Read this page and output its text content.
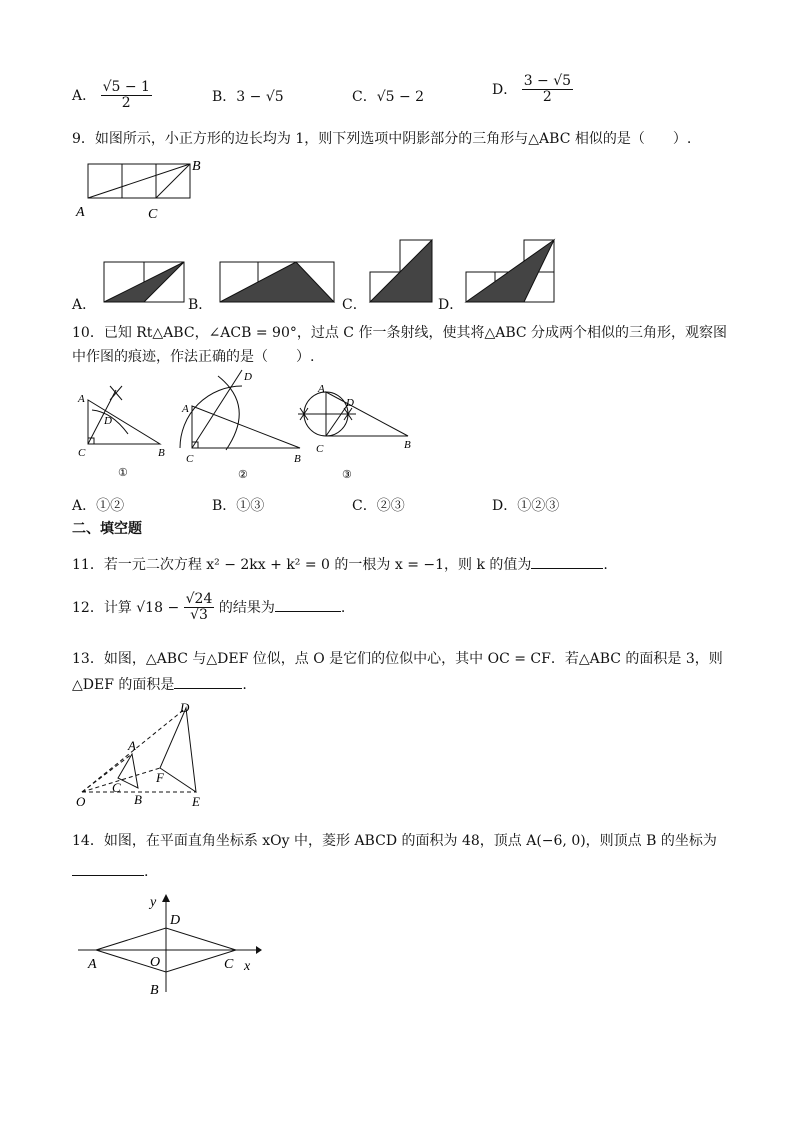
A． $\frac{√5 - 1}{2}$	B．3 − √5	C．√5 − 2	D． $\frac{3 - √5}{2}$
9．如图所示，小正方形的边长均为 1，则下列选项中阴影部分的三角形与△ABC 相似的是（　　）.
A
B
C
A．	B．	C．	D．
10．已知 Rt△ABC，∠ACB = 90°，过点 C 作一条射线，使其将△ABC 分成两个相似的三角形，观察图
中作图的痕迹，作法正确的是（　　）.
A
D
C	B
①
A
D
C	B
②
A
D
C	B
③
A．①②	B．①③	C．②③	D．①②③
二、填空题
11．若一元二次方程 x² − 2kx + k² = 0 的一根为 x = −1，则 k 的值为	.
12．计算 $√18 - \frac{√24}{√3}$ 的结果为	.
13．如图，△ABC 与△DEF 位似，点 O 是它们的位似中心，其中 OC = CF．若△ABC 的面积是 3，则
△DEF 的面积是	.
O
A
B
C
D
E
F
14．如图，在平面直角坐标系 xOy 中，菱形 ABCD 的面积为 48，顶点 A(−6, 0)，则顶点 B 的坐标为
.
A
B
C
D
O	x
y
